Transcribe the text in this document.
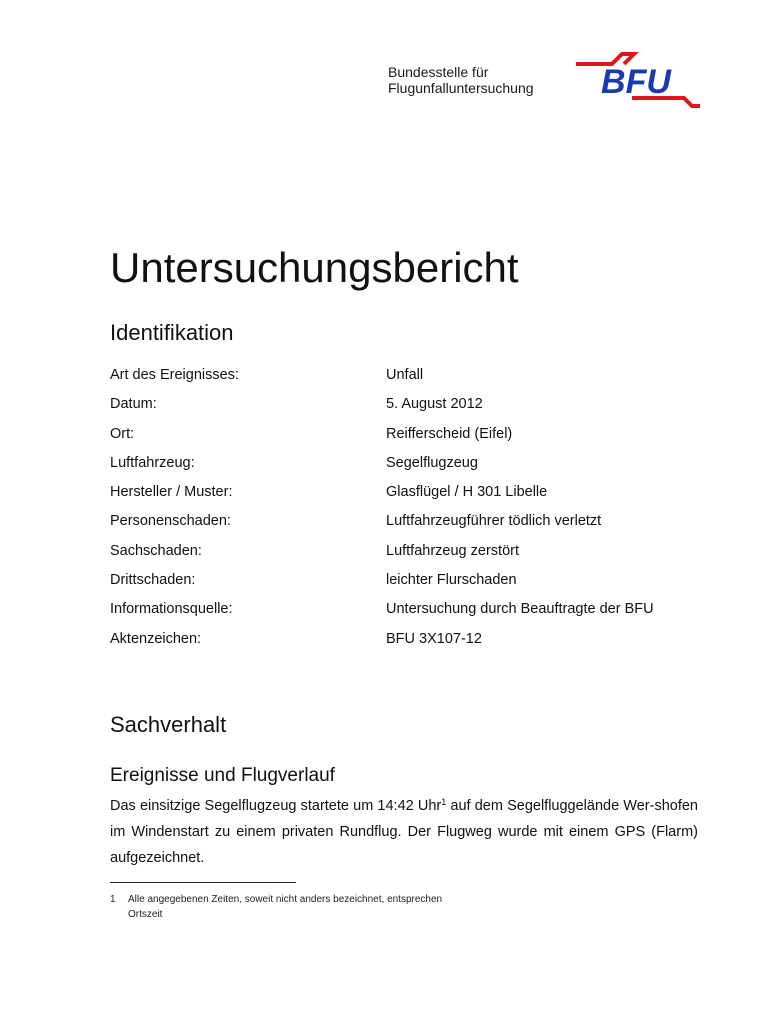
Bundesstelle für
Flugunfalluntersuchung BFU
Untersuchungsbericht
Identifikation
Art des Ereignisses:	Unfall
Datum:	5. August 2012
Ort:	Reifferscheid (Eifel)
Luftfahrzeug:	Segelflugzeug
Hersteller / Muster:	Glasflügel / H 301 Libelle
Personenschaden:	Luftfahrzeugführer tödlich verletzt
Sachschaden:	Luftfahrzeug zerstört
Drittschaden:	leichter Flurschaden
Informationsquelle:	Untersuchung durch Beauftragte der BFU
Aktenzeichen:	BFU 3X107-12
Sachverhalt
Ereignisse und Flugverlauf

Das einsitzige Segelflugzeug startete um 14:42 Uhr$^1$ auf dem Segelfluggelände Wer-shofen im Windenstart zu einem privaten Rundflug. Der Flugweg wurde mit einem GPS (Flarm) aufgezeichnet.

1 Alle angegebenen Zeiten, soweit nicht anders bezeichnet, entsprechen Ortszeit
